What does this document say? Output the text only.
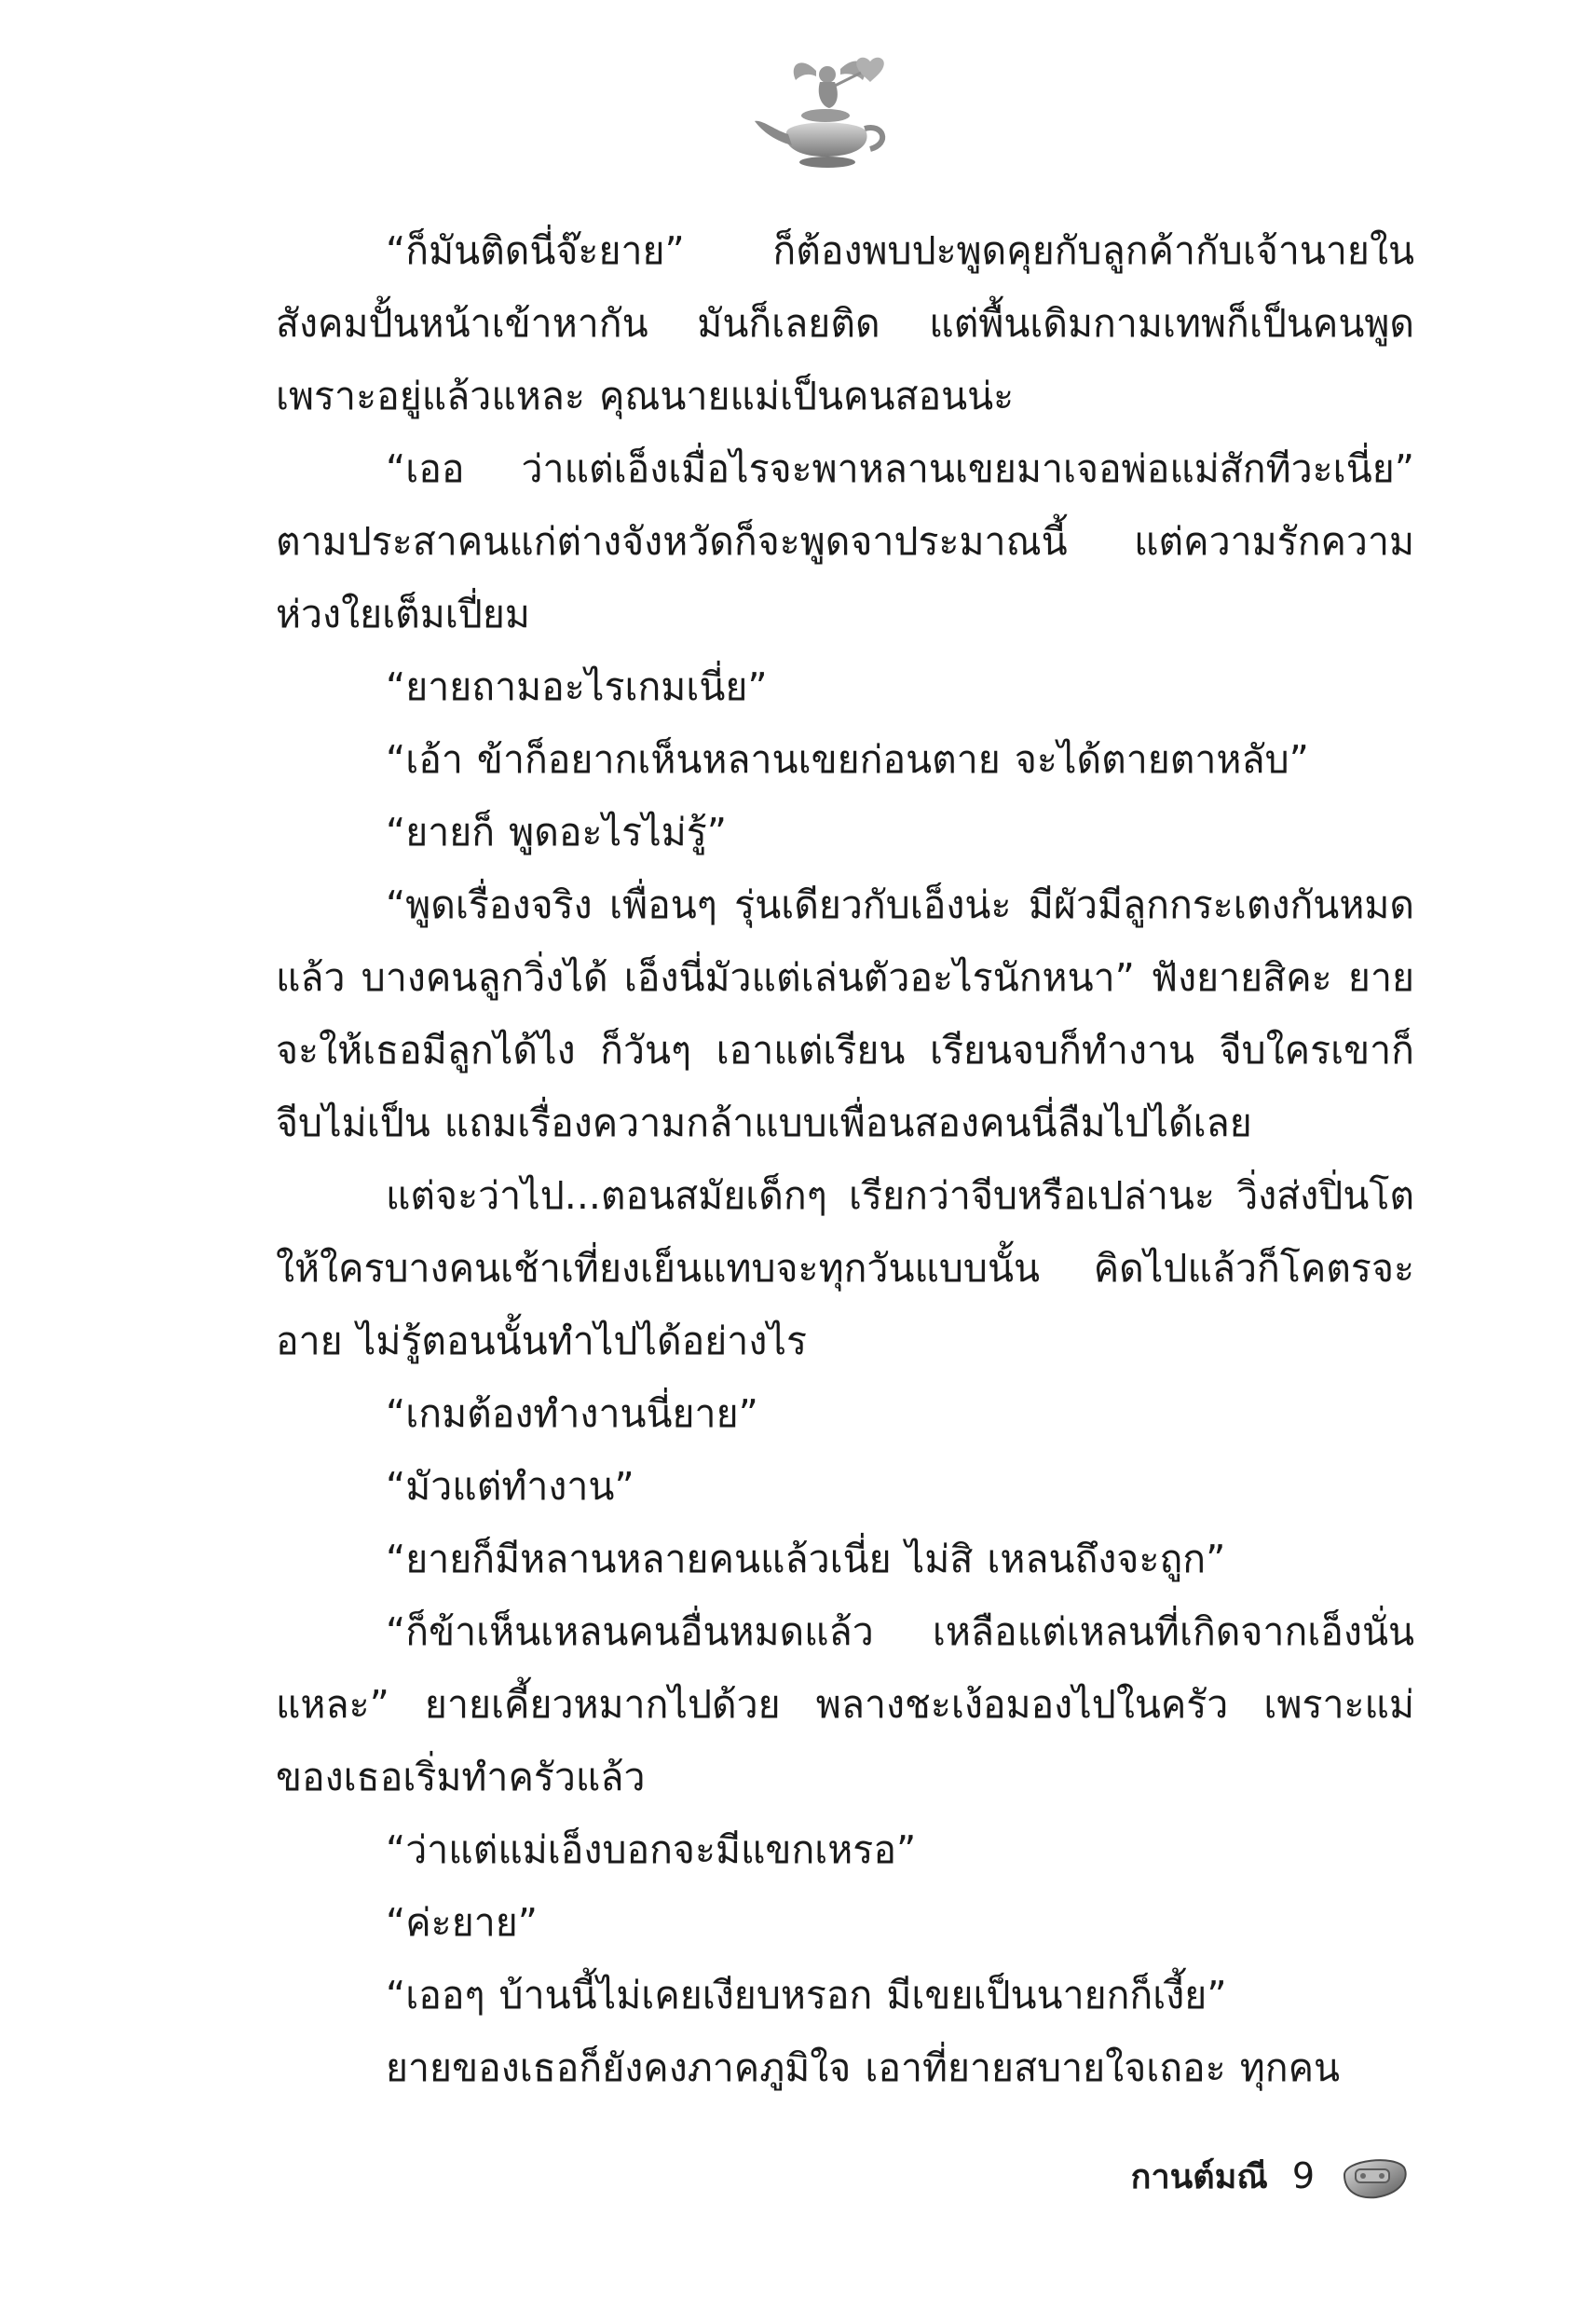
“ก็มันติดนี่จ๊ะยาย” ก็ต้องพบปะพูดคุยกับลูกค้ากับเจ้านายในสังคมปั้นหน้าเข้าหากัน มันก็เลยติด แต่พื้นเดิมกามเทพก็เป็นคนพูดเพราะอยู่แล้วแหละ คุณนายแม่เป็นคนสอนน่ะ

“เออ ว่าแต่เอ็งเมื่อไรจะพาหลานเขยมาเจอพ่อแม่สักทีวะเนี่ย” ตามประสาคนแก่ต่างจังหวัดก็จะพูดจาประมาณนี้ แต่ความรักความห่วงใยเต็มเปี่ยม

“ยายถามอะไรเกมเนี่ย”

“เอ้า ข้าก็อยากเห็นหลานเขยก่อนตาย จะได้ตายตาหลับ”

“ยายก็ พูดอะไรไม่รู้”

“พูดเรื่องจริง เพื่อนๆ รุ่นเดียวกับเอ็งน่ะ มีผัวมีลูกกระเตงกันหมดแล้ว บางคนลูกวิ่งได้ เอ็งนี่มัวแต่เล่นตัวอะไรนักหนา” ฟังยายสิคะ ยายจะให้เธอมีลูกได้ไง ก็วันๆ เอาแต่เรียน เรียนจบก็ทำงาน จีบใครเขาก็จีบไม่เป็น แถมเรื่องความกล้าแบบเพื่อนสองคนนี่ลืมไปได้เลย

แต่จะว่าไป...ตอนสมัยเด็กๆ เรียกว่าจีบหรือเปล่านะ วิ่งส่งปิ่นโตให้ใครบางคนเช้าเที่ยงเย็นแทบจะทุกวันแบบนั้น คิดไปแล้วก็โคตรจะอาย ไม่รู้ตอนนั้นทำไปได้อย่างไร

“เกมต้องทำงานนี่ยาย”

“มัวแต่ทำงาน”

“ยายก็มีหลานหลายคนแล้วเนี่ย ไม่สิ เหลนถึงจะถูก”

“ก็ข้าเห็นเหลนคนอื่นหมดแล้ว เหลือแต่เหลนที่เกิดจากเอ็งนั่นแหละ” ยายเคี้ยวหมากไปด้วย พลางชะเง้อมองไปในครัว เพราะแม่ของเธอเริ่มทำครัวแล้ว

“ว่าแต่แม่เอ็งบอกจะมีแขกเหรอ”

“ค่ะยาย”

“เออๆ บ้านนี้ไม่เคยเงียบหรอก มีเขยเป็นนายกก็เงี้ย”

ยายของเธอก็ยังคงภาคภูมิใจ เอาที่ยายสบายใจเถอะ ทุกคน

กานต์มณี 9
